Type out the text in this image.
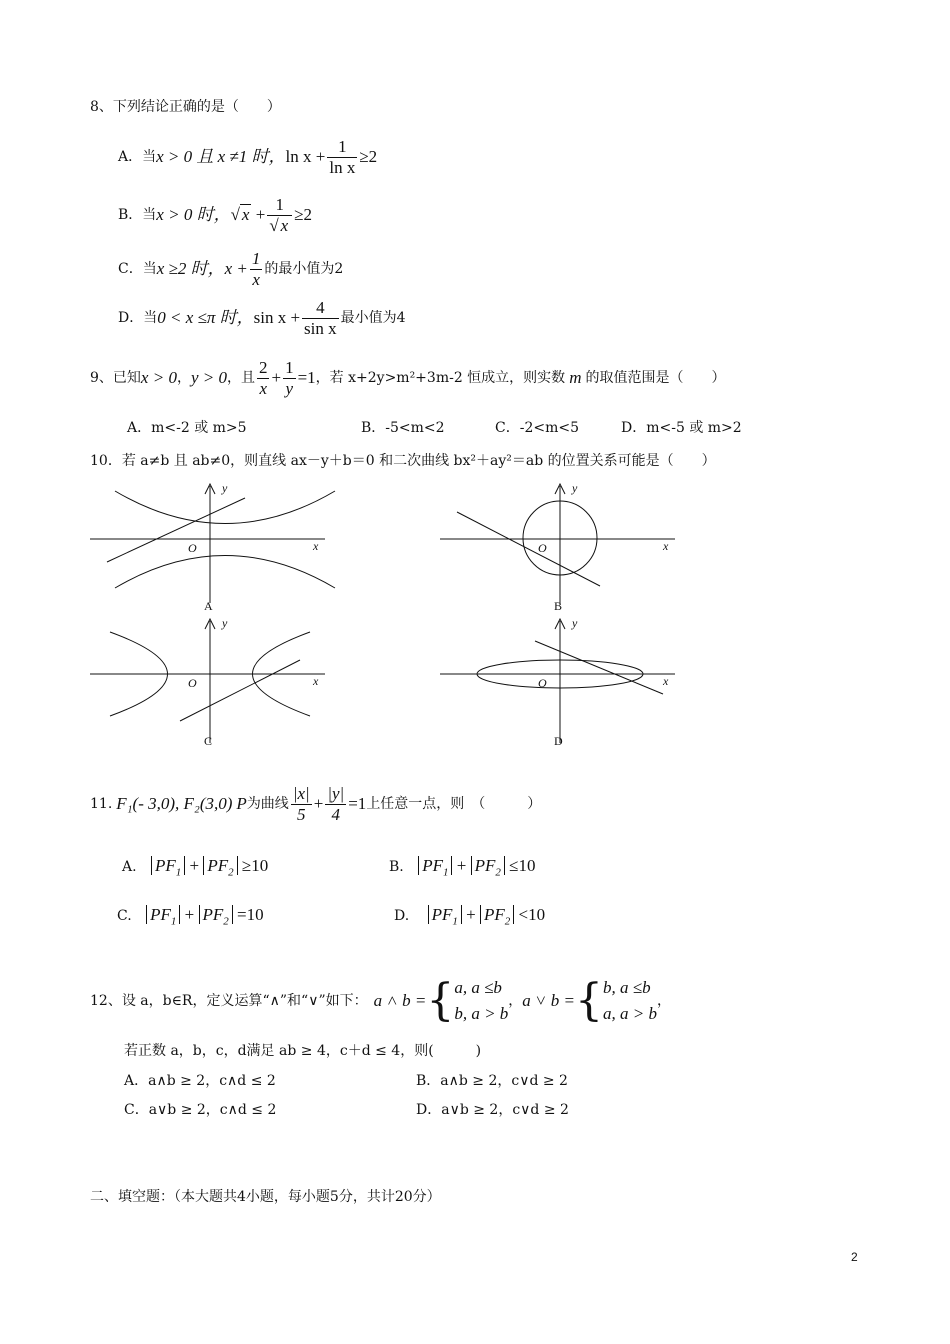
8、下列结论正确的是（　　）
A．当 x > 0 且 x ≠1 时， $\ln x + \frac{1}{\text{ln x}} \ge 2$
B．当 x > 0 时， √ $x + \frac{1}{√ x} \ge 2$
C．当 x ≥2 时， $x + \frac{1}{x}$ 的最小值为2
D．当 0 < x ≤π 时， $\sin x + \frac{4}{\text{sin x}}$ 最小值为4
9、已知 x > 0 ， y > 0 ，且 $\frac{2}{x} + \frac{1}{y} =1$ ，若 x+2y>m²+3m-2 恒成立，则实数 m 的取值范围是（　　）
A．m<-2 或 m>5	B．-5<m<2	C．-2<m<5	D．m<-5 或 m>2
10．若 a≠b 且 ab≠0，则直线 ax－y＋b＝0 和二次曲线 bx²＋ay²＝ab 的位置关系可能是（　　）
y
x
O
y
x
O
y
x
O
y
x
O
A	B
C	D
11. F₁(- 3,0), F₂(3,0) P 为曲线 $\frac{|x|}{5} + \frac{|y|}{4} =1$ 上任意一点，则　（　　　）
A. $PF_1 + PF_2 \ge 10$	B. $PF_1 + PF_2 \le 10$
C. $PF_1 + PF_2 =10$	D. $PF_1 + PF_2 <10$
12、设 a，b∈R，定义运算“∧”和“∨”如下： a ˄ b = { a, a ≤b
b, a > b
， a ˅ b = { b, a ≤b
a, a > b
，
若正数 a，b，c，d满足 ab ≥ 4，c＋d ≤ 4，则(　　　)
A．a∧b ≥ 2，c∧d ≤ 2	B．a∧b ≥ 2，c∨d ≥ 2
C．a∨b ≥ 2，c∧d ≤ 2	D．a∨b ≥ 2，c∨d ≥ 2
二、填空题：（本大题共4小题，每小题5分，共计20分）
2
